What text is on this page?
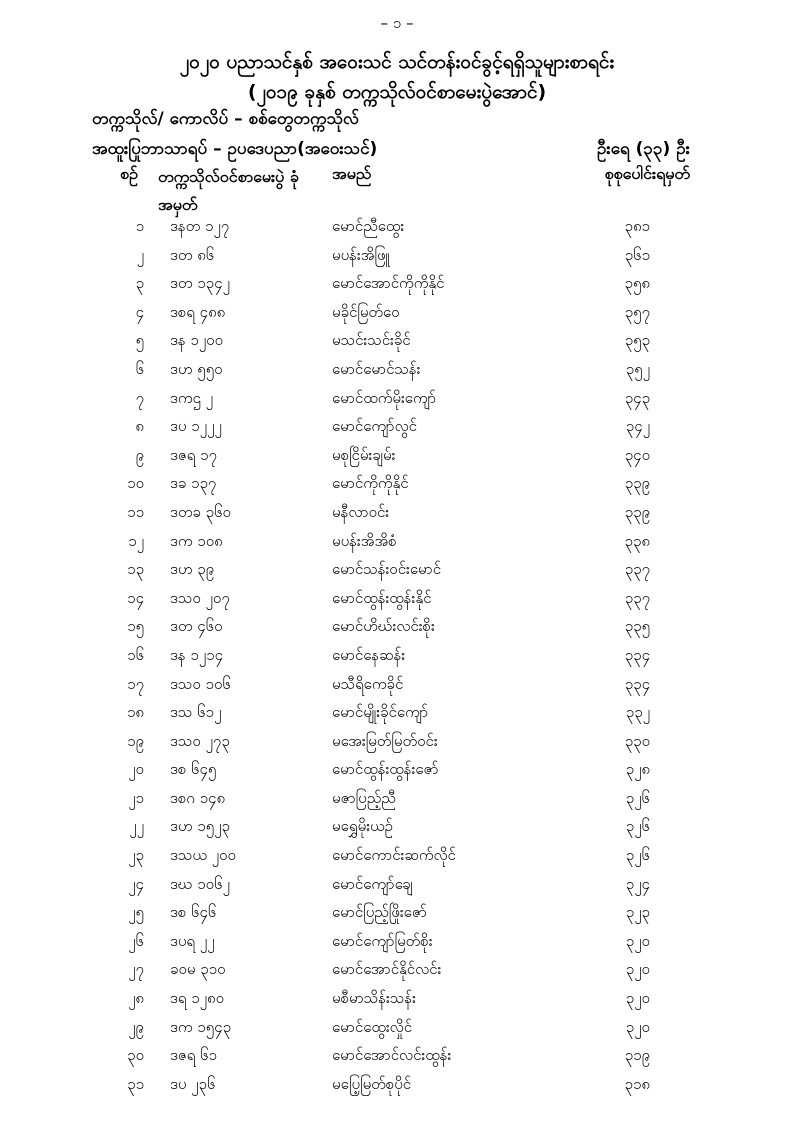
– ၁ –
၂၀၂၀ ပညာသင်နှစ် အဝေးသင် သင်တန်းဝင်ခွင့်ရရှိသူများစာရင်း
(၂၀၁၉ ခုနှစ် တက္ကသိုလ်ဝင်စာမေးပွဲအောင်)
တက္ကသိုလ်/ ကောလိပ် – စစ်တွေတက္ကသိုလ်
အထူးပြုဘာသာရပ် – ဥပဒေပညာ(အဝေးသင်)	ဦးရေ (၃၃) ဦး
စဉ် တက္ကသိုလ်ဝင်စာမေးပွဲ ခုံအမှတ်
အမည်	စုစုပေါင်းရမှတ်
၁ ဒနတ ၁၂၇	မောင်ညီထွေး	၃၈၁
၂ ဒတ ၈၆	မပန်းအိဖြူ	၃၆၁
၃ ဒတ ၁၃၄၂	မောင်အောင်ကိုကိုနိုင်	၃၅၈
၄ ဒစရ ၄၈၈	မခိုင်မြတ်ဝေ	၃၅၇
၅ ဒန ၁၂၀၀	မသင်းသင်းခိုင်	၃၅၃
၆ ဒဟ ၅၅၀	မောင်မောင်သန်း	၃၅၂
၇ ဒကဌ ၂	မောင်ထက်မိုးကျော်	၃၄၃
၈ ဒပ ၁၂၂၂	မောင်ကျော်လွင်	၃၄၂
၉ ဒဇရ ၁၇	မစုငြိမ်းချမ်း	၃၄၀
၁၀ ဒခ ၁၃၇	မောင်ကိုကိုနိုင်	၃၃၉
၁၁ ဒတခ ၃၆၀	မနီလာဝင်း	၃၃၉
၁၂ ဒက ၁၀၈	မပန်းအိအိစံ	၃၃၈
၁၃ ဒဟ ၃၉	မောင်သန်းဝင်းမောင်	၃၃၇
၁၄ ဒသဝ ၂၀၇	မောင်ထွန်းထွန်းနိုင်	၃၃၇
၁၅ ဒတ ၄၆၀	မောင်ဟိဃ်းလင်းစိုး	၃၃၅
၁၆ ဒန ၁၂၁၄	မောင်နေဆန်း	၃၃၄
၁၇ ဒသဝ ၁၀၆	မသီရိကေခိုင်	၃၃၄
၁၈ ဒသ ၆၁၂	မောင်မျိုးခိုင်ကျော်	၃၃၂
၁၉ ဒသဝ ၂၇၃	မအေးမြတ်မြတ်ဝင်း	၃၃၀
၂၀ ဒစ ၆၄၅	မောင်ထွန်းထွန်းဇော်	၃၂၈
၂၁ ဒစဂ ၁၄၈	မဇာပြည့်ညီ	၃၂၆
၂၂ ဒဟ ၁၅၂၃	မရွှေမိုးယဉ်	၃၂၆
၂၃ ဒသယ ၂၀၀	မောင်ကောင်းဆက်လိုင်	၃၂၆
၂၄ ဒဃ ၁၀၆၂	မောင်ကျော်ချေ	၃၂၄
၂၅ ဒစ ၆၄၆	မောင်ပြည့်ဖြိုးဇော်	၃၂၃
၂၆ ဒပရ ၂၂	မောင်ကျော်မြတ်စိုး	၃၂၀
၂၇ ခဝမ ၃၁၀	မောင်အောင်နိုင်လင်း	၃၂၀
၂၈ ဒရ ၁၂၈၀	မစီမာသိန်းသန်း	၃၂၀
၂၉ ဒက ၁၅၄၃	မောင်ထွေးလှိုင်	၃၂၀
၃၀ ဒဇရ ၆၁	မောင်အောင်လင်းထွန်း	၃၁၉
၃၁ ဒပ ၂၃၆	မပြေ့မြတ်စုပိုင်	၃၁၈
